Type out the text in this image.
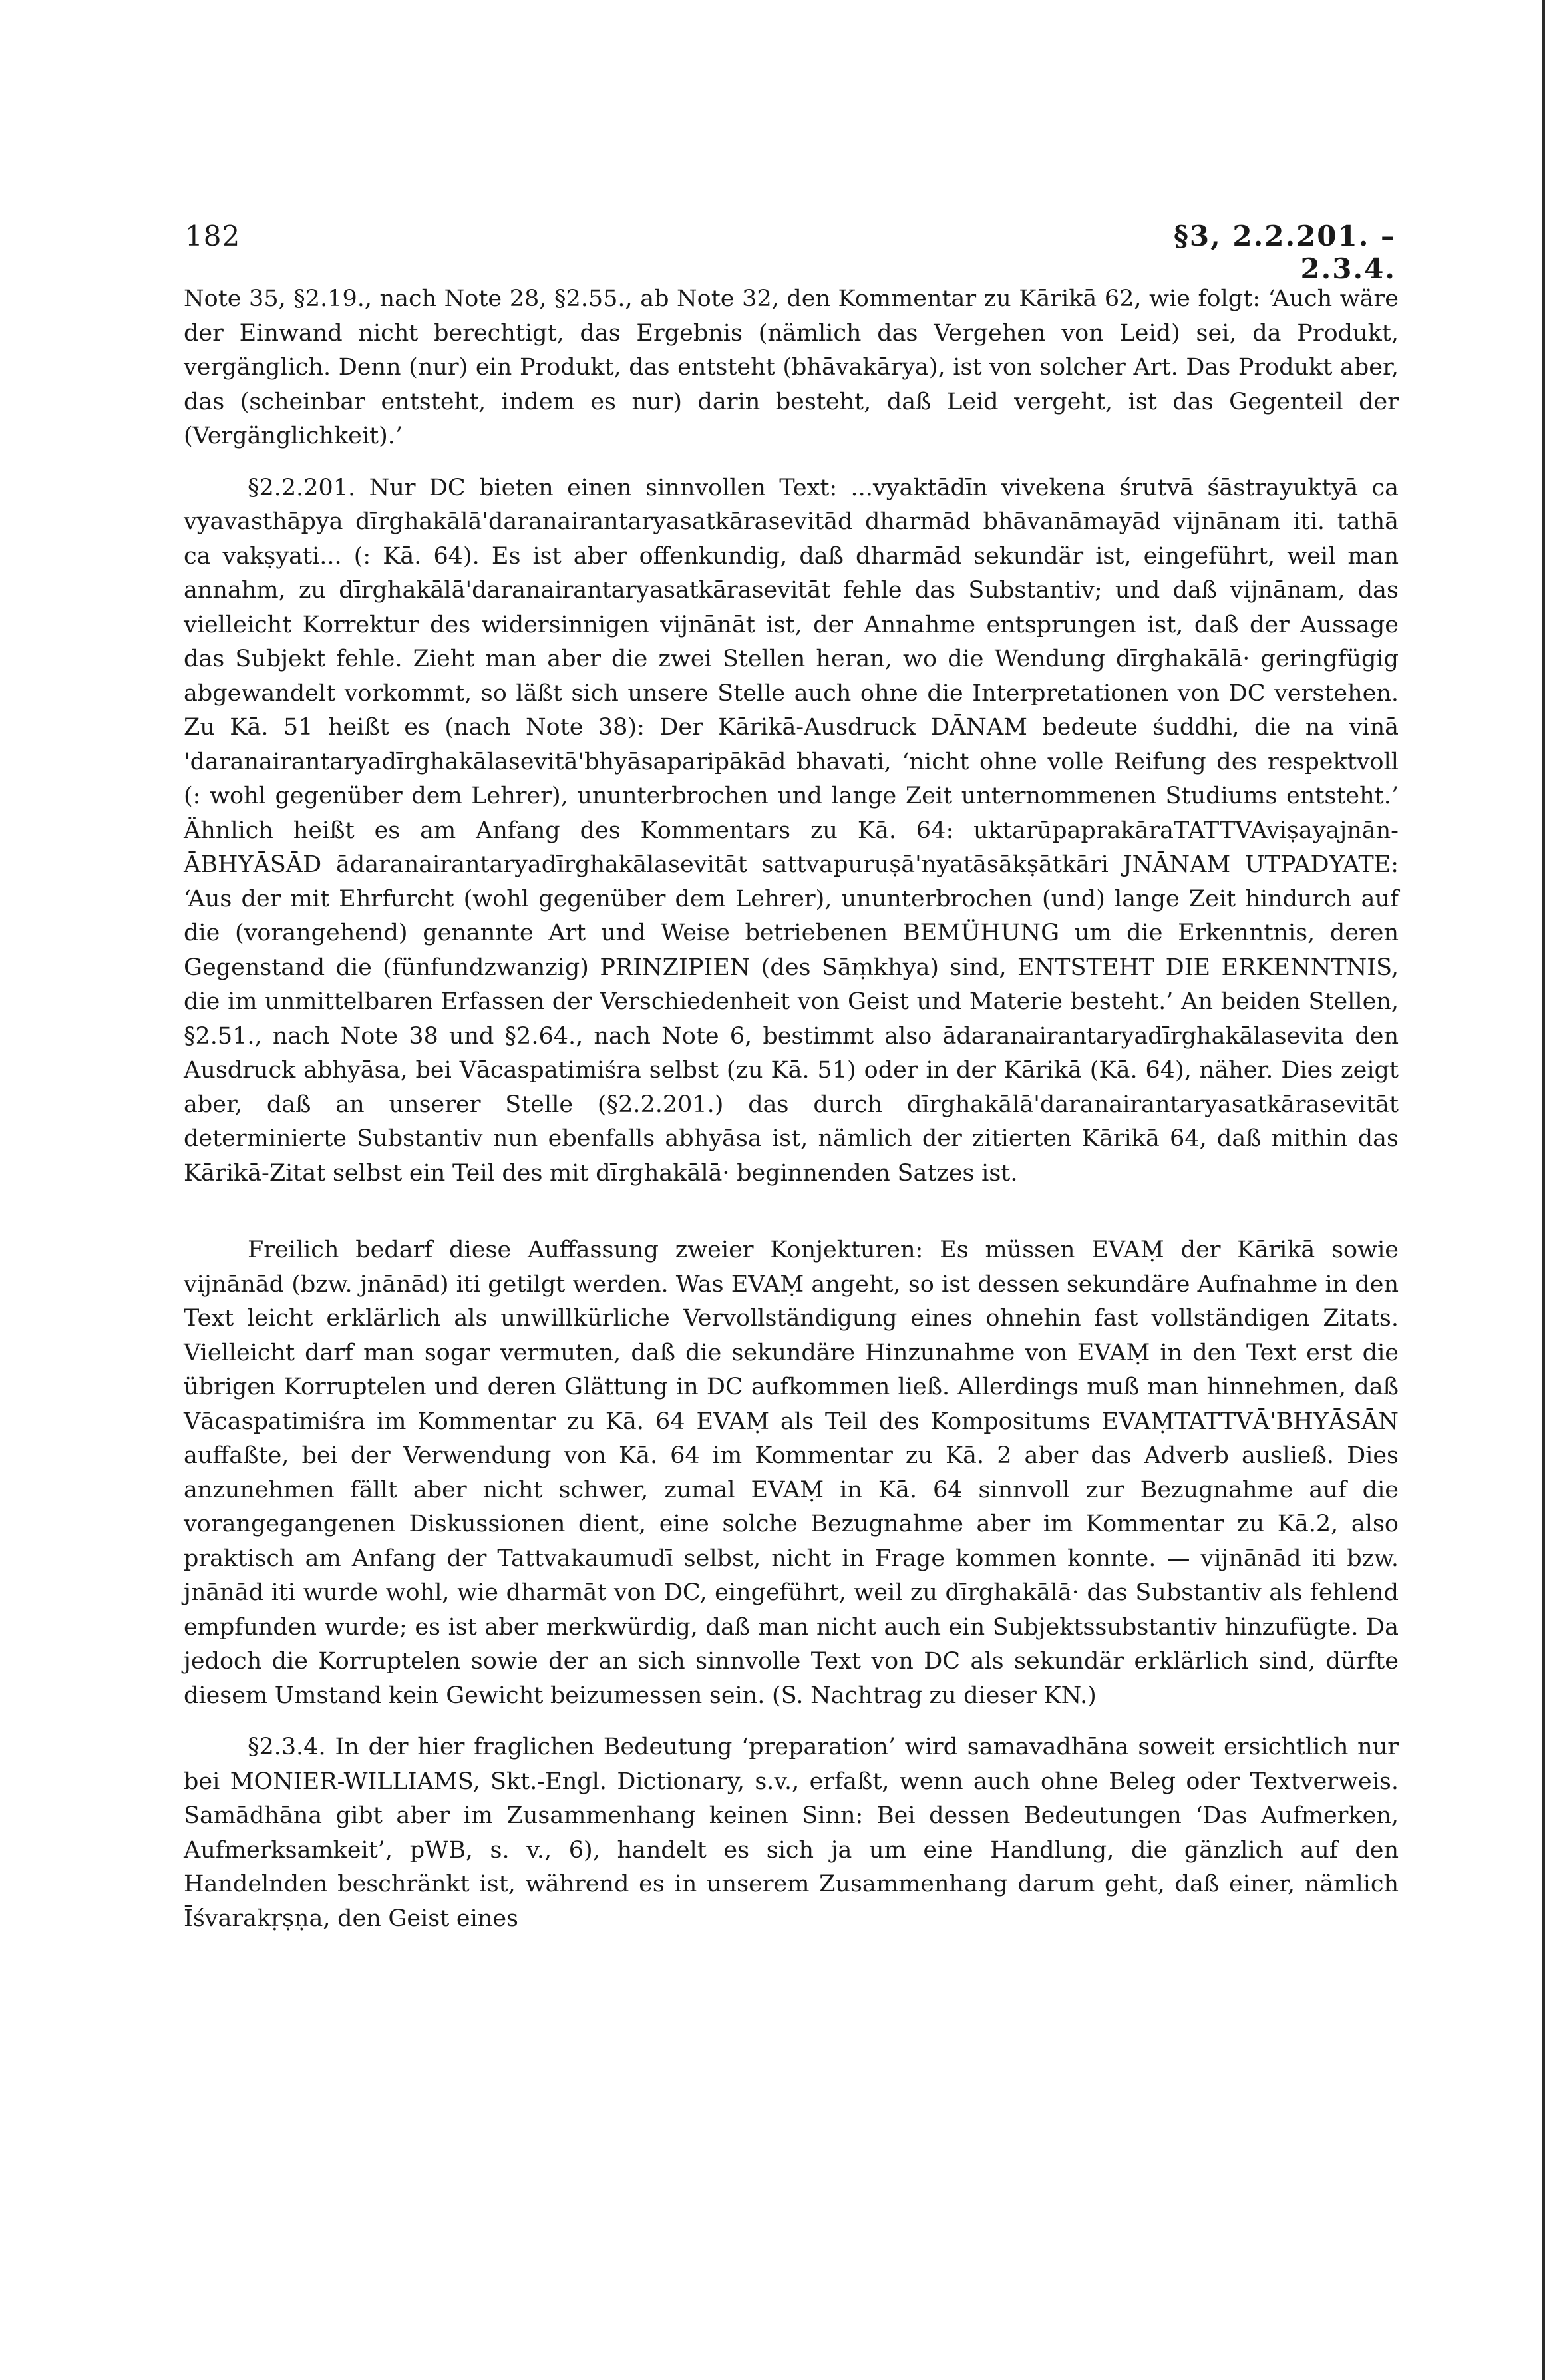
182	§3, 2.2.201. – 2.3.4.

Note 35, §2.19., nach Note 28, §2.55., ab Note 32, den Kommentar zu Kārikā 62, wie folgt: ‘Auch wäre der Einwand nicht berechtigt, das Ergebnis (nämlich das Vergehen von Leid) sei, da Produkt, vergänglich. Denn (nur) ein Produkt, das entsteht (bhāvakārya), ist von solcher Art. Das Produkt aber, das (scheinbar entsteht, indem es nur) darin besteht, daß Leid vergeht, ist das Gegenteil der (Vergänglichkeit).’

§2.2.201. Nur DC bieten einen sinnvollen Text: ...vyaktādīn vivekena śrutvā śāstrayuktyā ca vyavasthāpya dīrghakālā'daranairantaryasatkārasevitād dharmād bhāvanāmayād vijnānam iti. tathā ca vakṣyati... (: Kā. 64). Es ist aber offenkundig, daß dharmād sekundär ist, eingeführt, weil man annahm, zu dīrghakālā'daranairantaryasatkārasevitāt fehle das Substantiv; und daß vijnānam, das vielleicht Korrektur des widersinnigen vijnānāt ist, der Annahme entsprungen ist, daß der Aussage das Subjekt fehle. Zieht man aber die zwei Stellen heran, wo die Wendung dīrghakālā· geringfügig abgewandelt vorkommt, so läßt sich unsere Stelle auch ohne die Interpretationen von DC verstehen. Zu Kā. 51 heißt es (nach Note 38): Der Kārikā-Ausdruck DĀNAM bedeute śuddhi, die na vinā 'daranairantaryadīrghakālasevitā'bhyāsaparipākād bhavati, ‘nicht ohne volle Reifung des respektvoll (: wohl gegenüber dem Lehrer), ununterbrochen und lange Zeit unternommenen Studiums entsteht.’ Ähnlich heißt es am Anfang des Kommentars zu Kā. 64: uktarūpaprakāraTATTVAviṣayajnān-ĀBHYĀSĀD ādaranairantaryadīrghakālasevitāt sattvapuruṣā'nyatāsākṣātkāri JNĀNAM UTPADYATE: ‘Aus der mit Ehrfurcht (wohl gegenüber dem Lehrer), ununterbrochen (und) lange Zeit hindurch auf die (vorangehend) genannte Art und Weise betriebenen BEMÜHUNG um die Erkenntnis, deren Gegenstand die (fünfundzwanzig) PRINZIPIEN (des Sāṃkhya) sind, ENTSTEHT DIE ERKENNTNIS, die im unmittelbaren Erfassen der Verschiedenheit von Geist und Materie besteht.’ An beiden Stellen, §2.51., nach Note 38 und §2.64., nach Note 6, bestimmt also ādaranairantaryadīrghakālasevita den Ausdruck abhyāsa, bei Vācaspatimiśra selbst (zu Kā. 51) oder in der Kārikā (Kā. 64), näher. Dies zeigt aber, daß an unserer Stelle (§2.2.201.) das durch dīrghakālā'daranairantaryasatkārasevitāt determinierte Substantiv nun ebenfalls abhyāsa ist, nämlich der zitierten Kārikā 64, daß mithin das Kārikā-Zitat selbst ein Teil des mit dīrghakālā· beginnenden Satzes ist.

Freilich bedarf diese Auffassung zweier Konjekturen: Es müssen EVAṂ der Kārikā sowie vijnānād (bzw. jnānād) iti getilgt werden. Was EVAṂ angeht, so ist dessen sekundäre Aufnahme in den Text leicht erklärlich als unwillkürliche Vervollständigung eines ohnehin fast vollständigen Zitats. Vielleicht darf man sogar vermuten, daß die sekundäre Hinzunahme von EVAṂ in den Text erst die übrigen Korruptelen und deren Glättung in DC aufkommen ließ. Allerdings muß man hinnehmen, daß Vācaspatimiśra im Kommentar zu Kā. 64 EVAṂ als Teil des Kompositums EVAṂTATTVĀ'BHYĀSĀN auffaßte, bei der Verwendung von Kā. 64 im Kommentar zu Kā. 2 aber das Adverb ausließ. Dies anzunehmen fällt aber nicht schwer, zumal EVAṂ in Kā. 64 sinnvoll zur Bezugnahme auf die vorangegangenen Diskussionen dient, eine solche Bezugnahme aber im Kommentar zu Kā.2, also praktisch am Anfang der Tattvakaumudī selbst, nicht in Frage kommen konnte. — vijnānād iti bzw. jnānād iti wurde wohl, wie dharmāt von DC, eingeführt, weil zu dīrghakālā· das Substantiv als fehlend empfunden wurde; es ist aber merkwürdig, daß man nicht auch ein Subjektssubstantiv hinzufügte. Da jedoch die Korruptelen sowie der an sich sinnvolle Text von DC als sekundär erklärlich sind, dürfte diesem Umstand kein Gewicht beizumessen sein. (S. Nachtrag zu dieser KN.)

§2.3.4. In der hier fraglichen Bedeutung ‘preparation’ wird samavadhāna soweit ersichtlich nur bei MONIER-WILLIAMS, Skt.-Engl. Dictionary, s.v., erfaßt, wenn auch ohne Beleg oder Textverweis. Samādhāna gibt aber im Zusammenhang keinen Sinn: Bei dessen Bedeutungen ‘Das Aufmerken, Aufmerksamkeit’, pWB, s. v., 6), handelt es sich ja um eine Handlung, die gänzlich auf den Handelnden beschränkt ist, während es in unserem Zusammenhang darum geht, daß einer, nämlich Īśvarakṛṣṇa, den Geist eines
